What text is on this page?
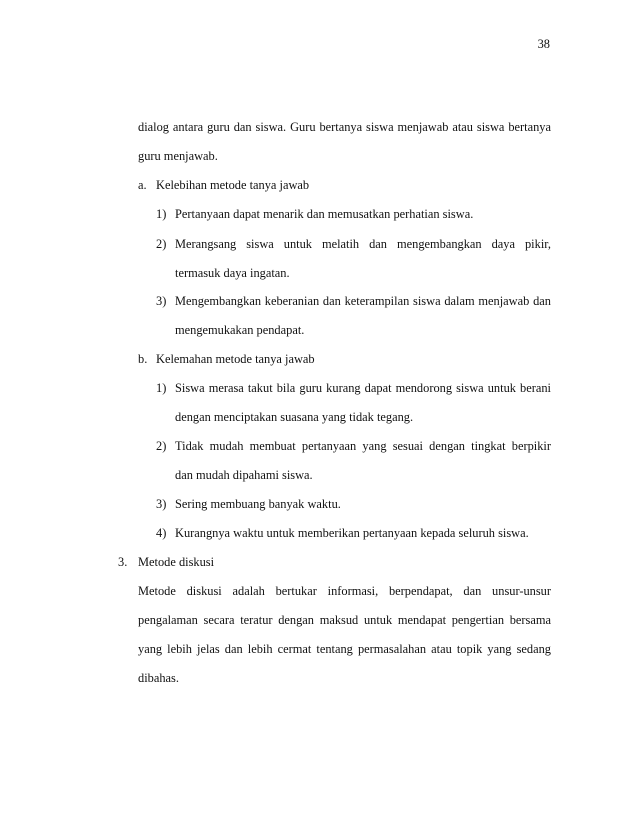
38
dialog antara guru dan siswa. Guru bertanya siswa menjawab atau siswa bertanya
guru menjawab.
a. Kelebihan metode tanya jawab
1) Pertanyaan dapat menarik dan memusatkan perhatian siswa.
2) Merangsang siswa untuk melatih dan mengembangkan daya pikir,
termasuk daya ingatan.
3) Mengembangkan keberanian dan keterampilan siswa dalam menjawab dan
mengemukakan pendapat.
b. Kelemahan metode tanya jawab
1) Siswa merasa takut bila guru kurang dapat mendorong siswa untuk berani
dengan menciptakan suasana yang tidak tegang.
2) Tidak mudah membuat pertanyaan yang sesuai dengan tingkat berpikir
dan mudah dipahami siswa.
3) Sering membuang banyak waktu.
4) Kurangnya waktu untuk memberikan pertanyaan kepada seluruh siswa.
3. Metode diskusi
Metode diskusi adalah bertukar informasi, berpendapat, dan unsur-unsur
pengalaman secara teratur dengan maksud untuk mendapat pengertian bersama
yang lebih jelas dan lebih cermat tentang permasalahan atau topik yang sedang
dibahas.
